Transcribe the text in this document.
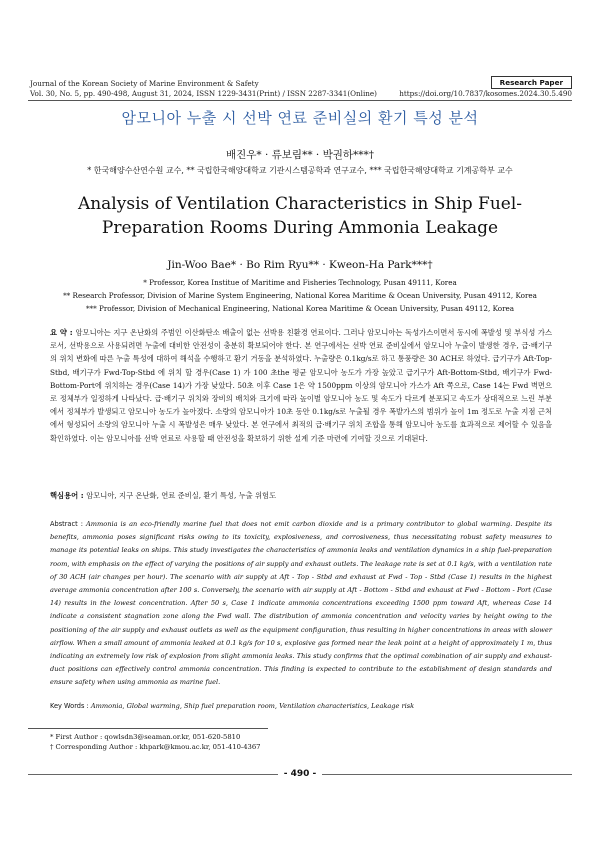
Journal of the Korean Society of Marine Environment & Safety	Research Paper
Vol. 30, No. 5, pp. 490-498, August 31, 2024, ISSN 1229-3431(Print) / ISSN 2287-3341(Online)	https://doi.org/10.7837/kosomes.2024.30.5.490
암모니아 누출 시 선박 연료 준비실의 환기 특성 분석
배진우* · 류보림** · 박권하***†
* 한국해양수산연수원 교수, ** 국립한국해양대학교 기관시스템공학과 연구교수, *** 국립한국해양대학교 기계공학부 교수
Analysis of Ventilation Characteristics in Ship Fuel-Preparation Rooms During Ammonia Leakage
Jin-Woo Bae* · Bo Rim Ryu** · Kweon-Ha Park***†
* Professor, Korea Institue of Maritime and Fisheries Technology, Pusan 49111, Korea
** Research Professor, Division of Marine System Engineering, National Korea Maritime & Ocean University, Pusan 49112, Korea
*** Professor, Division of Mechanical Engineering, National Korea Maritime & Ocean University, Pusan 49112, Korea
요 약 : 암모니아는 지구 온난화의 주범인 이산화탄소 배출이 없는 선박용 친환경 연료이다. 그러나 암모니아는 독성가스이면서 동시에 폭발성 및 부식성 가스로서, 선박용으로 사용되려면 누출에 대비한 안전성이 충분히 확보되어야 한다. 본 연구에서는 선박 연료 준비실에서 암모니아 누출이 발생한 경우, 급·배기구의 위치 변화에 따른 누출 특성에 대하여 해석을 수행하고 환기 거동을 분석하였다. 누출량은 0.1kg/s로 하고 통풍량은 30 ACH로 하였다. 급기구가 Aft-Top-Stbd, 배기구가 Fwd-Top-Stbd 에 위치 할 경우(Case 1) 가 100 초the 평균 암모니아 농도가 가장 높았고 급기구가 Aft-Bottom-Stbd, 배기구가 Fwd-Bottom-Port에 위치하는 경우(Case 14)가 가장 낮았다. 50초 이후 Case 1은 약 1500ppm 이상의 암모니아 가스가 Aft 쪽으로, Case 14는 Fwd 벽면으로 정체부가 일정하게 나타났다. 급·배기구 위치와 장비의 배치와 크기에 따라 높이별 암모니아 농도 및 속도가 다르게 분포되고 속도가 상대적으로 느린 부분에서 정체부가 발생되고 암모니아 농도가 높아졌다. 소량의 암모니아가 10초 동안 0.1kg/s로 누출될 경우 폭발가스의 범위가 높이 1m 정도로 누출 지점 근처에서 형성되어 소량의 암모니아 누출 시 폭발성은 매우 낮았다. 본 연구에서 최적의 급·배기구 위치 조합을 통해 암모니아 농도를 효과적으로 제어할 수 있음을 확인하였다. 이는 암모니아를 선박 연료로 사용할 때 안전성을 확보하기 위한 설계 기준 마련에 기여할 것으로 기대된다.
핵심용어 : 암모니아, 지구 온난화, 연료 준비실, 환기 특성, 누출 위험도
Abstract : Ammonia is an eco-friendly marine fuel that does not emit carbon dioxide and is a primary contributor to global warming. Despite its benefits, ammonia poses significant risks owing to its toxicity, explosiveness, and corrosiveness, thus necessitating robust safety measures to manage its potential leaks on ships. This study investigates the characteristics of ammonia leaks and ventilation dynamics in a ship fuel-preparation room, with emphasis on the effect of varying the positions of air supply and exhaust outlets. The leakage rate is set at 0.1 kg/s, with a ventilation rate of 30 ACH (air changes per hour). The scenario with air supply at Aft - Top - Stbd and exhaust at Fwd - Top - Stbd (Case 1) results in the highest average ammonia concentration after 100 s. Conversely, the scenario with air supply at Aft - Bottom - Stbd and exhaust at Fwd - Bottom - Port (Case 14) results in the lowest concentration. After 50 s, Case 1 indicate ammonia concentrations exceeding 1500 ppm toward Aft, whereas Case 14 indicate a consistent stagnation zone along the Fwd wall. The distribution of ammonia concentration and velocity varies by height owing to the positioning of the air supply and exhaust outlets as well as the equipment configuration, thus resulting in higher concentrations in areas with slower airflow. When a small amount of ammonia leaked at 0.1 kg/s for 10 s, explosive gas formed near the leak point at a height of approximately 1 m, thus indicating an extremely low risk of explosion from slight ammonia leaks. This study confirms that the optimal combination of air supply and exhaust-duct positions can effectively control ammonia concentration. This finding is expected to contribute to the establishment of design standards and ensure safety when using ammonia as marine fuel.
Key Words : Ammonia, Global warming, Ship fuel preparation room, Ventilation characteristics, Leakage risk
* First Author : qowlsdn3@seaman.or.kr, 051-620-5810
† Corresponding Author : khpark@kmou.ac.kr, 051-410-4367
- 490 -
